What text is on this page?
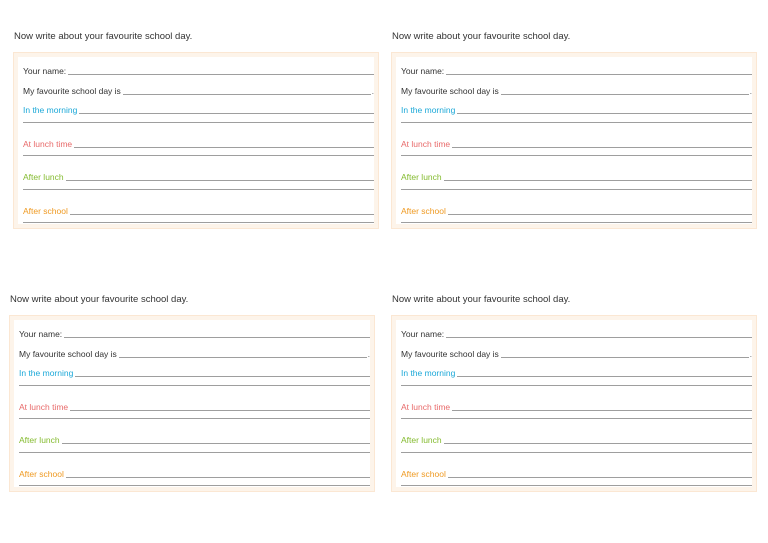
Now write about your favourite school day.
Your name:
My favourite school day is	.
In the morning
At lunch time
After lunch
After school
Now write about your favourite school day.
Your name:
My favourite school day is	.
In the morning
At lunch time
After lunch
After school
Now write about your favourite school day.
Your name:
My favourite school day is	.
In the morning
At lunch time
After lunch
After school
Now write about your favourite school day.
Your name:
My favourite school day is	.
In the morning
At lunch time
After lunch
After school
